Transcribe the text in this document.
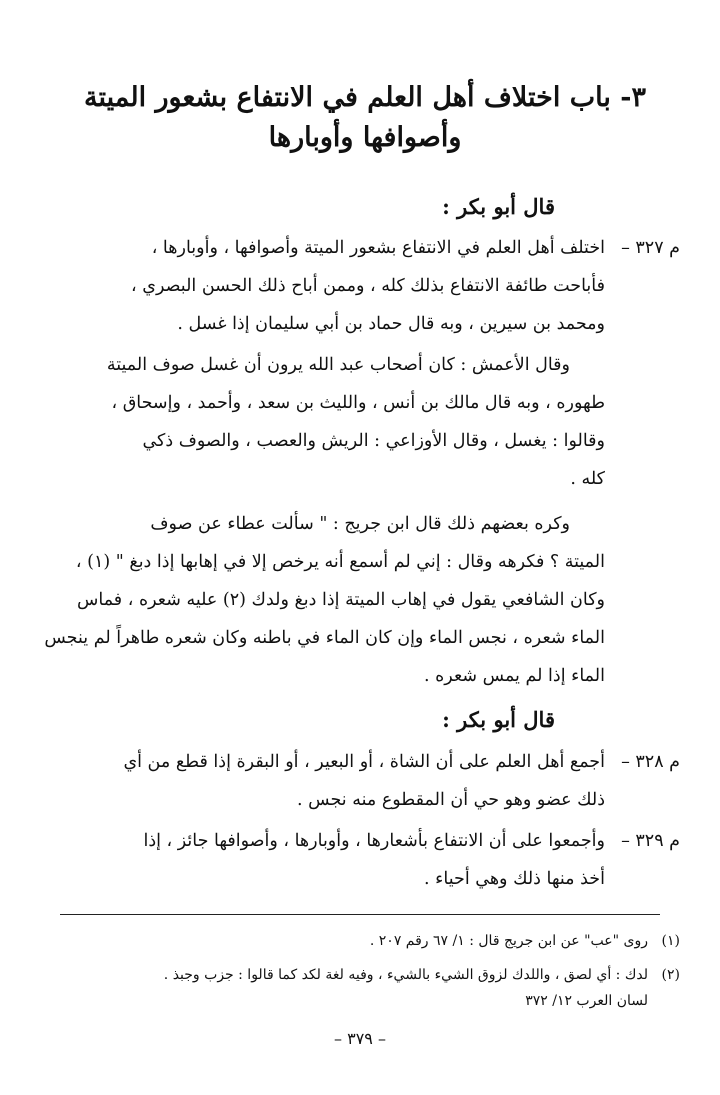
٣- باب اختلاف أهل العلم في الانتفاع بشعور الميتة
وأصوافها وأوبارها
قال أبو بكر :
م ٣٢٧ –
اختلف أهل العلم في الانتفاع بشعور الميتة وأصوافها ، وأوبارها ،
فأباحت طائفة الانتفاع بذلك كله ، وممن أباح ذلك الحسن البصري ،
ومحمد بن سيرين ، وبه قال حماد بن أبي سليمان إذا غسل .
وقال الأعمش : كان أصحاب عبد الله يرون أن غسل صوف الميتة
طهوره ، وبه قال مالك بن أنس ، والليث بن سعد ، وأحمد ، وإسحاق ،
وقالوا : يغسل ، وقال الأوزاعي : الريش والعصب ، والصوف ذكي
كله .
وكره بعضهم ذلك قال ابن جريج : " سألت عطاء عن صوف
الميتة ؟ فكرهه وقال : إني لم أسمع أنه يرخص إلا في إهابها إذا دبغ " (١) ،
وكان الشافعي يقول في إهاب الميتة إذا دبغ ولدك (٢) عليه شعره ، فماس
الماء شعره ، نجس الماء وإن كان الماء في باطنه وكان شعره طاهراً لم ينجس
الماء إذا لم يمس شعره .
قال أبو بكر :
م ٣٢٨ –
أجمع أهل العلم على أن الشاة ، أو البعير ، أو البقرة إذا قطع من أي
ذلك عضو وهو حي أن المقطوع منه نجس .
م ٣٢٩ –
وأجمعوا على أن الانتفاع بأشعارها ، وأوبارها ، وأصوافها جائز ، إذا
أخذ منها ذلك وهي أحياء .
(١)
روى "عب" عن ابن جريج قال : ١/ ٦٧ رقم ٢٠٧ .
(٢)
لدك : أي لصق ، واللدك لزوق الشيء بالشيء ، وفيه لغة لكد كما قالوا : جزب وجبذ .
لسان العرب ١٢/ ٣٧٢
– ٣٧٩ –
